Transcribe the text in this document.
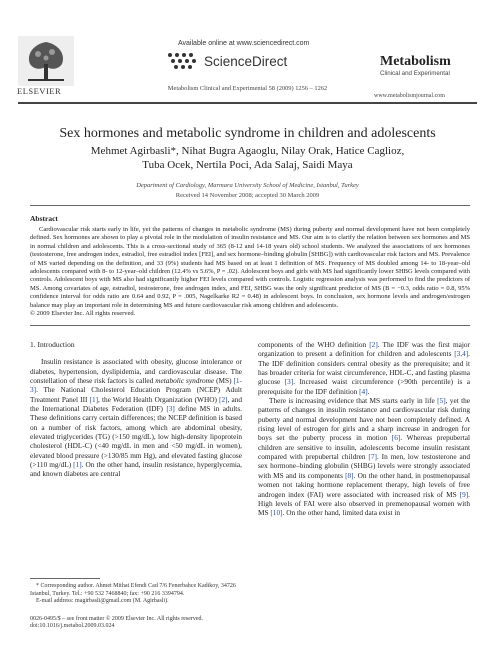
ELSEVIER
Available online at www.sciencedirect.com
ScienceDirect
Metabolism Clinical and Experimental 58 (2009) 1256 – 1262
Metabolism
Clinical and Experimental
www.metabolismjournal.com
Sex hormones and metabolic syndrome in children and adolescents
Mehmet Agirbasli*, Nihat Bugra Agaoglu, Nilay Orak, Hatice Caglioz,
Tuba Ocek, Nertila Poci, Ada Salaj, Saidi Maya
Department of Cardiology, Marmara University School of Medicine, Istanbul, Turkey
Received 14 November 2008; accepted 30 March 2009
Abstract
Cardiovascular risk starts early in life, yet the patterns of changes in metabolic syndrome (MS) during puberty and normal development have not been completely defined. Sex hormones are shown to play a pivotal role in the modulation of insulin resistance and MS. Our aim is to clarify the relation between sex hormones and MS in normal children and adolescents. This is a cross-sectional study of 365 (8-12 and 14-18 years old) school students. We analyzed the associations of sex hormones (testosterone, free androgen index, estradiol, free estradiol index [FEI], and sex hormone–binding globulin [SHBG]) with cardiovascular risk factors and MS. Prevalence of MS varied depending on the definition, and 33 (9%) students had MS based on at least 1 definition of MS. Frequency of MS doubled among 14- to 18-year–old adolescents compared with 8- to 12-year–old children (12.4% vs 5.6%, P = .02). Adolescent boys and girls with MS had significantly lower SHBG levels compared with controls. Adolescent boys with MS also had significantly higher FEI levels compared with controls. Logistic regression analysis was performed to find the predictors of MS. Among covariates of age, estradiol, testosterone, free androgen index, and FEI, SHBG was the only significant predictor of MS (B = −0.3, odds ratio = 0.8, 95% confidence interval for odds ratio are 0.64 and 0.92, P = .005, Nagelkarke R2 = 0.48) in adolescent boys. In conclusion, sex hormone levels and androgen/estrogen balance may play an important role in determining MS and future cardiovascular risk among children and adolescents.
© 2009 Elsevier Inc. All rights reserved.
1. Introduction

Insulin resistance is associated with obesity, glucose intolerance or diabetes, hypertension, dyslipidemia, and cardiovascular disease. The constellation of these risk factors is called metabolic syndrome (MS) [1-3]. The National Cholesterol Education Program (NCEP) Adult Treatment Panel III [1], the World Health Organization (WHO) [2], and the International Diabetes Federation (IDF) [3] define MS in adults. These definitions carry certain differences; the NCEP definition is based on a number of risk factors, among which are abdominal obesity, elevated triglycerides (TG) (>150 mg/dL), low high-density lipoprotein cholesterol (HDL-C) (<40 mg/dL in men and <50 mg/dL in women), elevated blood pressure (>130/85 mm Hg), and elevated fasting glucose (>110 mg/dL) [1]. On the other hand, insulin resistance, hyperglycemia, and known diabetes are central

components of the WHO definition [2]. The IDF was the first major organization to present a definition for children and adolescents [3,4]. The IDF definition considers central obesity as the prerequisite; and it has broader criteria for waist circumference, HDL-C, and fasting plasma glucose [3]. Increased waist circumference (>90th percentile) is a prerequisite for the IDF definition [4].

There is increasing evidence that MS starts early in life [5], yet the patterns of changes in insulin resistance and cardiovascular risk during puberty and normal development have not been completely defined. A rising level of estrogen for girls and a sharp increase in androgen for boys set the puberty process in motion [6]. Whereas prepubertal children are sensitive to insulin, adolescents become insulin resistant compared with prepubertal children [7]. In men, low testosterone and sex hormone–binding globulin (SHBG) levels were strongly associated with MS and its components [8]. On the other hand, in postmenopausal women not taking hormone replacement therapy, high levels of free androgen index (FAI) were associated with increased risk of MS [9]. High levels of FAI were also observed in premenopausal women with MS [10]. On the other hand, limited data exist in

* Corresponding author. Ahmet Mithat Efendi Cad 7/6 Fenerbahce Kadikoy, 34726 Istanbul, Turkey. Tel.: +90 532 7468840; fax: +90 216 3394794.
E-mail address: magirbasli@gmail.com (M. Agirbasli).
0026-0495/$ – see front matter © 2009 Elsevier Inc. All rights reserved.
doi:10.1016/j.metabol.2009.03.024
